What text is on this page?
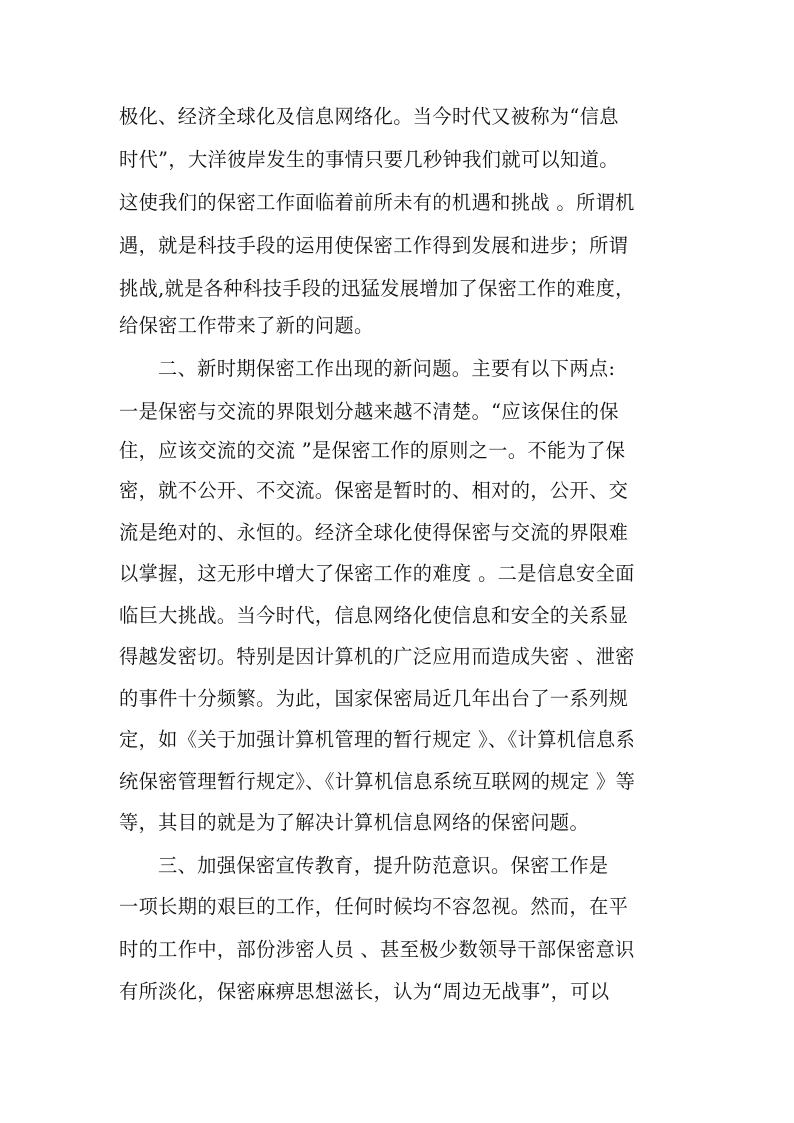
极化、经济全球化及信息网络化。当今时代又被称为“信息
时代”，大洋彼岸发生的事情只要几秒钟我们就可以知道。
这使我们的保密工作面临着前所未有的机遇和挑战 。所谓机
遇，就是科技手段的运用使保密工作得到发展和进步；所谓
挑战,就是各种科技手段的迅猛发展增加了保密工作的难度，
给保密工作带来了新的问题。
二、新时期保密工作出现的新问题。主要有以下两点:
一是保密与交流的界限划分越来越不清楚。“应该保住的保
住，应该交流的交流 ”是保密工作的原则之一。不能为了保
密，就不公开、不交流。保密是暂时的、相对的，公开、交
流是绝对的、永恒的。经济全球化使得保密与交流的界限难
以掌握，这无形中增大了保密工作的难度 。二是信息安全面
临巨大挑战。当今时代，信息网络化使信息和安全的关系显
得越发密切。特别是因计算机的广泛应用而造成失密 、泄密
的事件十分频繁。为此，国家保密局近几年出台了一系列规
定，如《关于加强计算机管理的暂行规定 》、《计算机信息系
统保密管理暂行规定》、《计算机信息系统互联网的规定 》等
等，其目的就是为了解决计算机信息网络的保密问题。
三、加强保密宣传教育，提升防范意识。保密工作是
一项长期的艰巨的工作，任何时候均不容忽视。然而，在平
时的工作中，部份涉密人员 、甚至极少数领导干部保密意识
有所淡化，保密麻痹思想滋长，认为“周边无战事”，可以
